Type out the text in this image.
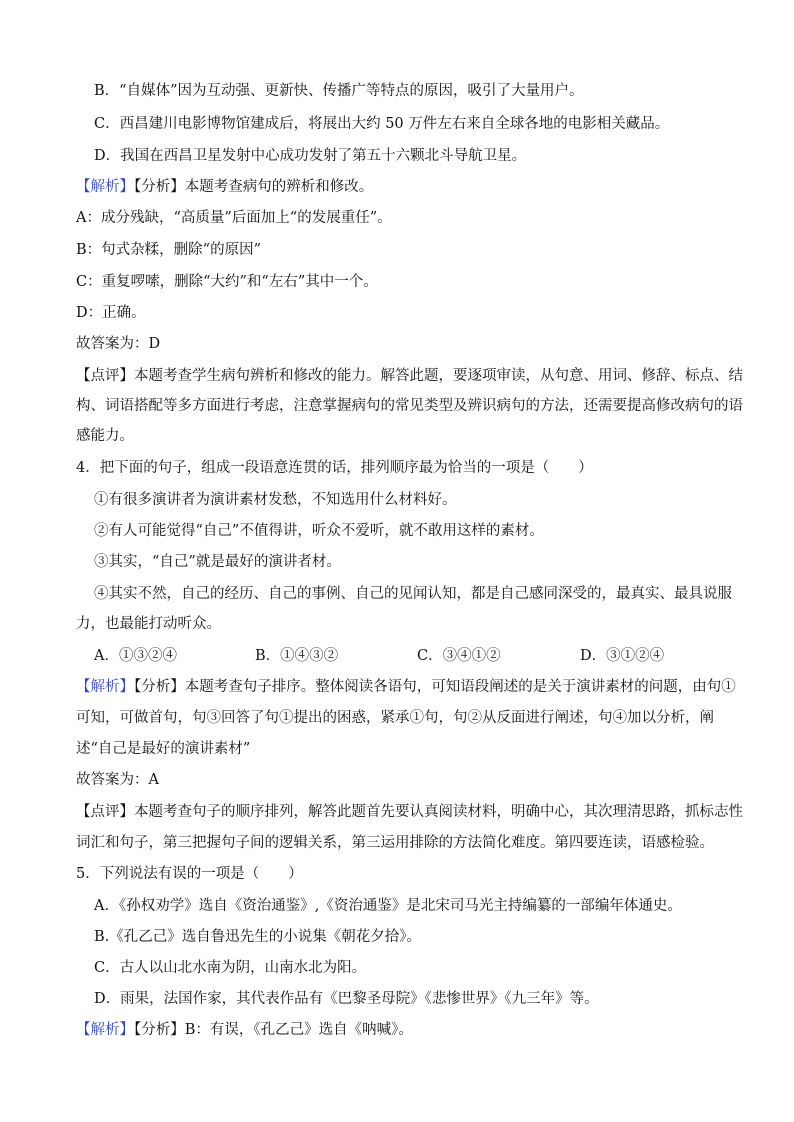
B．“自媒体”因为互动强、更新快、传播广等特点的原因，吸引了大量用户。
C．西昌建川电影博物馆建成后，将展出大约 50 万件左右来自全球各地的电影相关藏品。
D．我国在西昌卫星发射中心成功发射了第五十六颗北斗导航卫星。
【解析】【分析】本题考查病句的辨析和修改。
A：成分残缺，“高质量”后面加上“的发展重任”。
B：句式杂糅，删除“的原因”
C：重复啰嗦，删除“大约”和“左右”其中一个。
D：正确。
故答案为：D
【点评】本题考查学生病句辨析和修改的能力。解答此题，要逐项审读，从句意、用词、修辞、标点、结
构、词语搭配等多方面进行考虑，注意掌握病句的常见类型及辨识病句的方法，还需要提高修改病句的语
感能力。
4．把下面的句子，组成一段语意连贯的话，排列顺序最为恰当的一项是（　　）
①有很多演讲者为演讲素材发愁，不知选用什么材料好。
②有人可能觉得“自己”不值得讲，听众不爱听，就不敢用这样的素材。
③其实，“自己”就是最好的演讲者材。
④其实不然，自己的经历、自己的事例、自己的见闻认知，都是自己感同深受的，最真实、最具说服
力，也最能打动听众。
A．①③②④	B．①④③②	C．③④①②	D．③①②④
【解析】【分析】本题考查句子排序。整体阅读各语句，可知语段阐述的是关于演讲素材的问题，由句①
可知，可做首句，句③回答了句①提出的困惑，紧承①句，句②从反面进行阐述，句④加以分析，阐
述“自己是最好的演讲素材”
故答案为：A
【点评】本题考查句子的顺序排列，解答此题首先要认真阅读材料，明确中心，其次理清思路，抓标志性
词汇和句子，第三把握句子间的逻辑关系，第三运用排除的方法简化难度。第四要连读，语感检验。
5．下列说法有误的一项是（　　）
A．《孙权劝学》选自《资治通鉴》,《资治通鉴》是北宋司马光主持编纂的一部编年体通史。
B.《孔乙己》选自鲁迅先生的小说集《朝花夕拾》。
C．古人以山北水南为阴，山南水北为阳。
D．雨果，法国作家，其代表作品有《巴黎圣母院》《悲惨世界》《九三年》等。
【解析】【分析】B：有误，《孔乙己》选自《呐喊》。
